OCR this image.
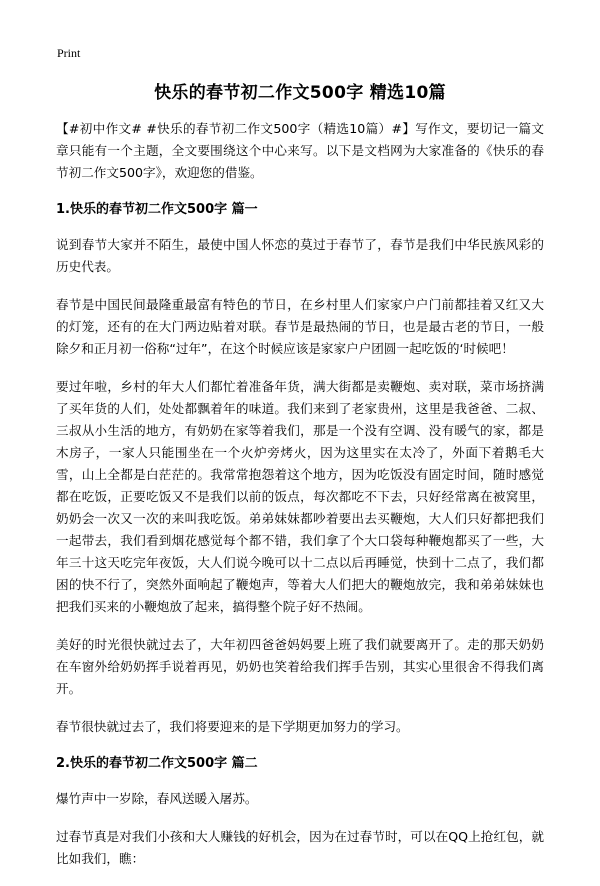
Print
快乐的春节初二作文500字 精选10篇

【#初中作文# #快乐的春节初二作文500字（精选10篇）#】写作文，要切记一篇文章只能有一个主题，全文要围绕这个中心来写。以下是文档网为大家准备的《快乐的春节初二作文500字》，欢迎您的借鉴。

1.快乐的春节初二作文500字 篇一

说到春节大家并不陌生，最使中国人怀恋的莫过于春节了，春节是我们中华民族风彩的历史代表。

春节是中国民间最隆重最富有特色的节日，在乡村里人们家家户户门前都挂着又红又大的灯笼，还有的在大门两边贴着对联。春节是最热闹的节日，也是最古老的节日，一般除夕和正月初一俗称“过年”，在这个时候应该是家家户户团圆一起吃饭的‘时候吧！

要过年啦，乡村的年大人们都忙着准备年货，满大街都是卖鞭炮、卖对联，菜市场挤满了买年货的人们，处处都飘着年的味道。我们来到了老家贵州，这里是我爸爸、二叔、三叔从小生活的地方，有奶奶在家等着我们，那是一个没有空调、没有暖气的家，都是木房子，一家人只能围坐在一个火炉旁烤火，因为这里实在太冷了，外面下着鹅毛大雪，山上全都是白茫茫的。我常常抱怨着这个地方，因为吃饭没有固定时间，随时感觉都在吃饭，正要吃饭又不是我们以前的饭点，每次都吃不下去，只好经常离在被窝里，奶奶会一次又一次的来叫我吃饭。弟弟妹妹都吵着要出去买鞭炮，大人们只好都把我们一起带去，我们看到烟花感觉每个都不错，我们拿了个大口袋每种鞭炮都买了一些，大年三十这天吃完年夜饭，大人们说今晚可以十二点以后再睡觉，快到十二点了，我们都困的快不行了，突然外面响起了鞭炮声，等着大人们把大的鞭炮放完，我和弟弟妹妹也把我们买来的小鞭炮放了起来，搞得整个院子好不热闹。

美好的时光很快就过去了，大年初四爸爸妈妈要上班了我们就要离开了。走的那天奶奶在车窗外给奶奶挥手说着再见，奶奶也笑着给我们挥手告别，其实心里很舍不得我们离开。

春节很快就过去了，我们将要迎来的是下学期更加努力的学习。

2.快乐的春节初二作文500字 篇二

爆竹声中一岁除，春风送暖入屠苏。

过春节真是对我们小孩和大人赚钱的好机会，因为在过春节时，可以在QQ上抢红包，就比如我们，瞧：
